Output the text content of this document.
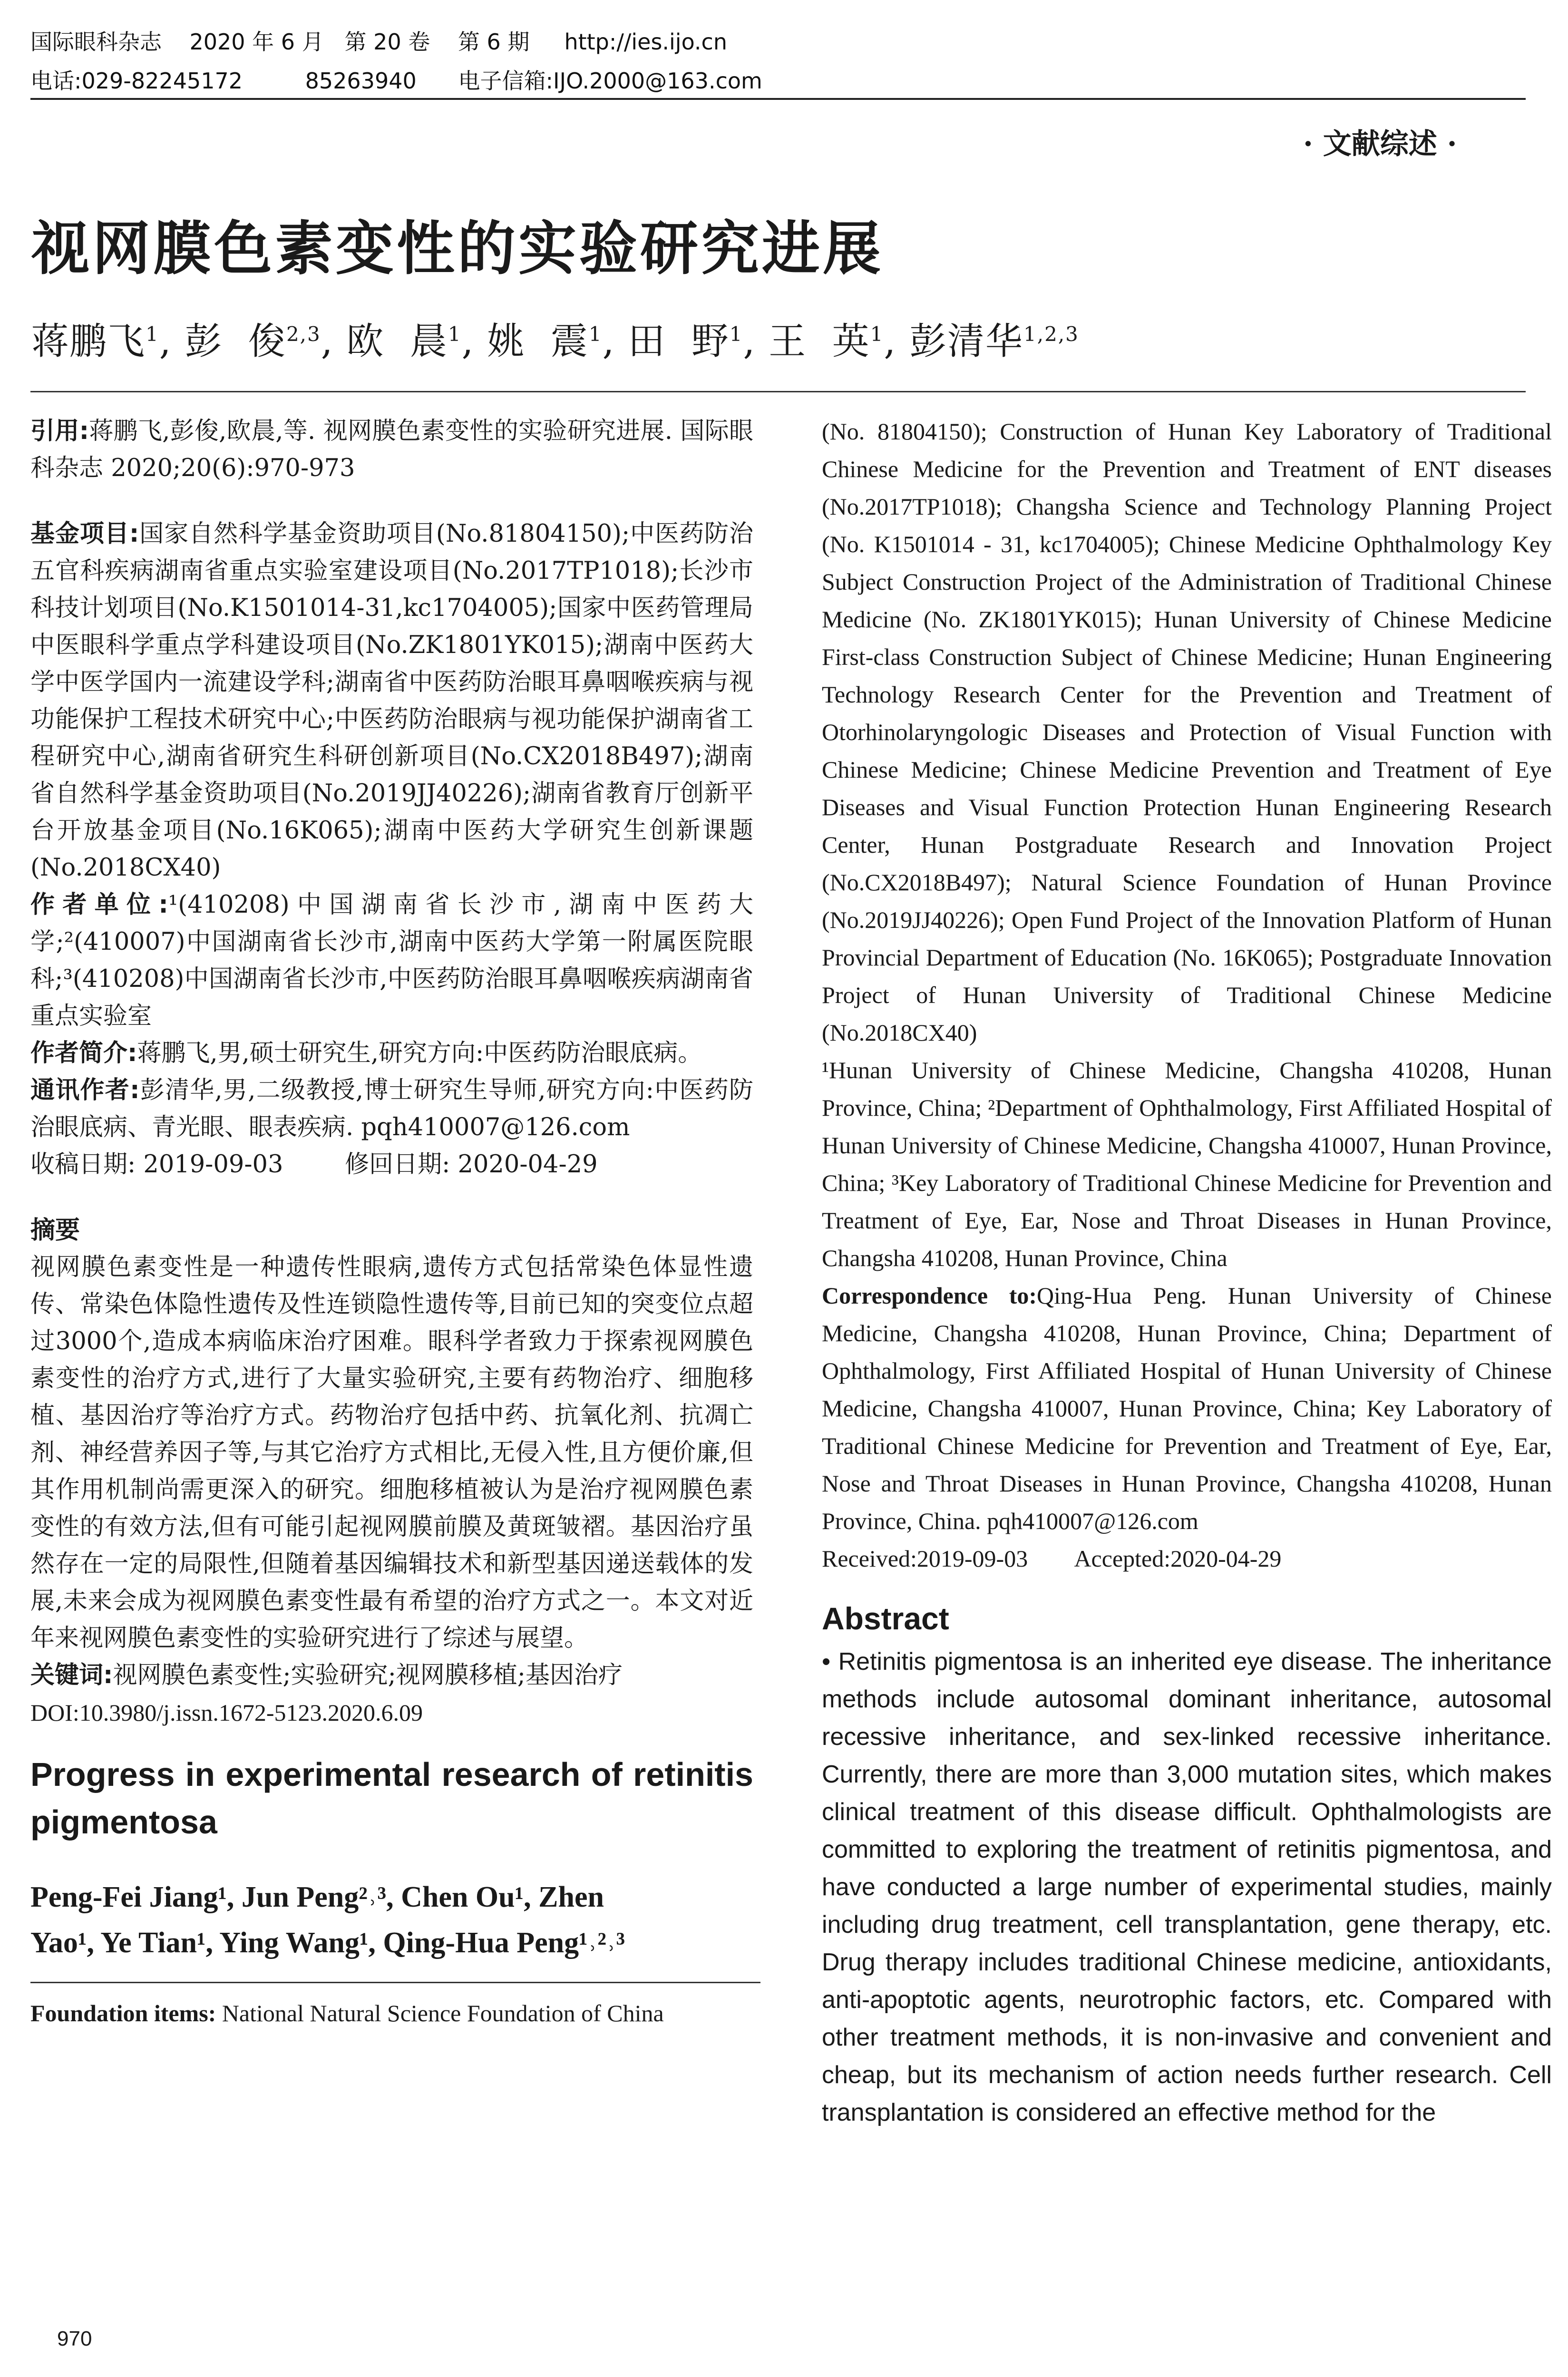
国际眼科杂志    2020 年 6 月   第 20 卷    第 6 期     http://ies.ijo.cn
电话:029-82245172         85263940      电子信箱:IJO.2000@163.com
· 文献综述 ·
视网膜色素变性的实验研究进展
蒋鹏飞$^1$, 彭  俊$^{2,3}$, 欧  晨$^1$, 姚  震$^1$, 田  野$^1$, 王  英$^1$, 彭清华$^{1,2,3}$

引用:蒋鹏飞,彭俊,欧晨,等. 视网膜色素变性的实验研究进展. 国际眼科杂志 2020;20(6):970-973

基金项目:国家自然科学基金资助项目(No.81804150);中医药防治五官科疾病湖南省重点实验室建设项目(No.2017TP1018);长沙市科技计划项目(No.K1501014-31,kc1704005);国家中医药管理局中医眼科学重点学科建设项目(No.ZK1801YK015);湖南中医药大学中医学国内一流建设学科;湖南省中医药防治眼耳鼻咽喉疾病与视功能保护工程技术研究中心;中医药防治眼病与视功能保护湖南省工程研究中心,湖南省研究生科研创新项目(No.CX2018B497);湖南省自然科学基金资助项目(No.2019JJ40226);湖南省教育厅创新平台开放基金项目(No.16K065);湖南中医药大学研究生创新课题(No.2018CX40)

作者单位:¹(410208)中国湖南省长沙市,湖南中医药大学;²(410007)中国湖南省长沙市,湖南中医药大学第一附属医院眼科;³(410208)中国湖南省长沙市,中医药防治眼耳鼻咽喉疾病湖南省重点实验室

作者简介:蒋鹏飞,男,硕士研究生,研究方向:中医药防治眼底病。

通讯作者:彭清华,男,二级教授,博士研究生导师,研究方向:中医药防治眼底病、青光眼、眼表疾病. pqh410007@126.com

收稿日期: 2019-09-03        修回日期: 2020-04-29

摘要

视网膜色素变性是一种遗传性眼病,遗传方式包括常染色体显性遗传、常染色体隐性遗传及性连锁隐性遗传等,目前已知的突变位点超过3000个,造成本病临床治疗困难。眼科学者致力于探索视网膜色素变性的治疗方式,进行了大量实验研究,主要有药物治疗、细胞移植、基因治疗等治疗方式。药物治疗包括中药、抗氧化剂、抗凋亡剂、神经营养因子等,与其它治疗方式相比,无侵入性,且方便价廉,但其作用机制尚需更深入的研究。细胞移植被认为是治疗视网膜色素变性的有效方法,但有可能引起视网膜前膜及黄斑皱褶。基因治疗虽然存在一定的局限性,但随着基因编辑技术和新型基因递送载体的发展,未来会成为视网膜色素变性最有希望的治疗方式之一。本文对近年来视网膜色素变性的实验研究进行了综述与展望。

关键词:视网膜色素变性;实验研究;视网膜移植;基因治疗

DOI:10.3980/j.issn.1672-5123.2020.6.09

Progress in experimental research of retinitis pigmentosa

Peng-Fei Jiang¹, Jun Peng²˒³, Chen Ou¹, Zhen

Yao¹, Ye Tian¹, Ying Wang¹, Qing-Hua Peng¹˒²˒³

Foundation items: National Natural Science Foundation of China

(No. 81804150); Construction of Hunan Key Laboratory of Traditional Chinese Medicine for the Prevention and Treatment of ENT diseases (No.2017TP1018); Changsha Science and Technology Planning Project (No. K1501014 - 31, kc1704005); Chinese Medicine Ophthalmology Key Subject Construction Project of the Administration of Traditional Chinese Medicine (No. ZK1801YK015); Hunan University of Chinese Medicine First-class Construction Subject of Chinese Medicine; Hunan Engineering Technology Research Center for the Prevention and Treatment of Otorhinolaryngologic Diseases and Protection of Visual Function with Chinese Medicine; Chinese Medicine Prevention and Treatment of Eye Diseases and Visual Function Protection Hunan Engineering Research Center, Hunan Postgraduate Research and Innovation Project (No.CX2018B497); Natural Science Foundation of Hunan Province (No.2019JJ40226); Open Fund Project of the Innovation Platform of Hunan Provincial Department of Education (No. 16K065); Postgraduate Innovation Project of Hunan University of Traditional Chinese Medicine (No.2018CX40)

¹Hunan University of Chinese Medicine, Changsha 410208, Hunan Province, China; ²Department of Ophthalmology, First Affiliated Hospital of Hunan University of Chinese Medicine, Changsha 410007, Hunan Province, China; ³Key Laboratory of Traditional Chinese Medicine for Prevention and Treatment of Eye, Ear, Nose and Throat Diseases in Hunan Province, Changsha 410208, Hunan Province, China

Correspondence to:Qing-Hua Peng. Hunan University of Chinese Medicine, Changsha 410208, Hunan Province, China; Department of Ophthalmology, First Affiliated Hospital of Hunan University of Chinese Medicine, Changsha 410007, Hunan Province, China; Key Laboratory of Traditional Chinese Medicine for Prevention and Treatment of Eye, Ear, Nose and Throat Diseases in Hunan Province, Changsha 410208, Hunan Province, China. pqh410007@126.com

Received:2019-09-03        Accepted:2020-04-29

Abstract

• Retinitis pigmentosa is an inherited eye disease. The inheritance methods include autosomal dominant inheritance, autosomal recessive inheritance, and sex-linked recessive inheritance. Currently, there are more than 3,000 mutation sites, which makes clinical treatment of this disease difficult. Ophthalmologists are committed to exploring the treatment of retinitis pigmentosa, and have conducted a large number of experimental studies, mainly including drug treatment, cell transplantation, gene therapy, etc. Drug therapy includes traditional Chinese medicine, antioxidants, anti-apoptotic agents, neurotrophic factors, etc. Compared with other treatment methods, it is non-invasive and convenient and cheap, but its mechanism of action needs further research. Cell transplantation is considered an effective method for the

970
